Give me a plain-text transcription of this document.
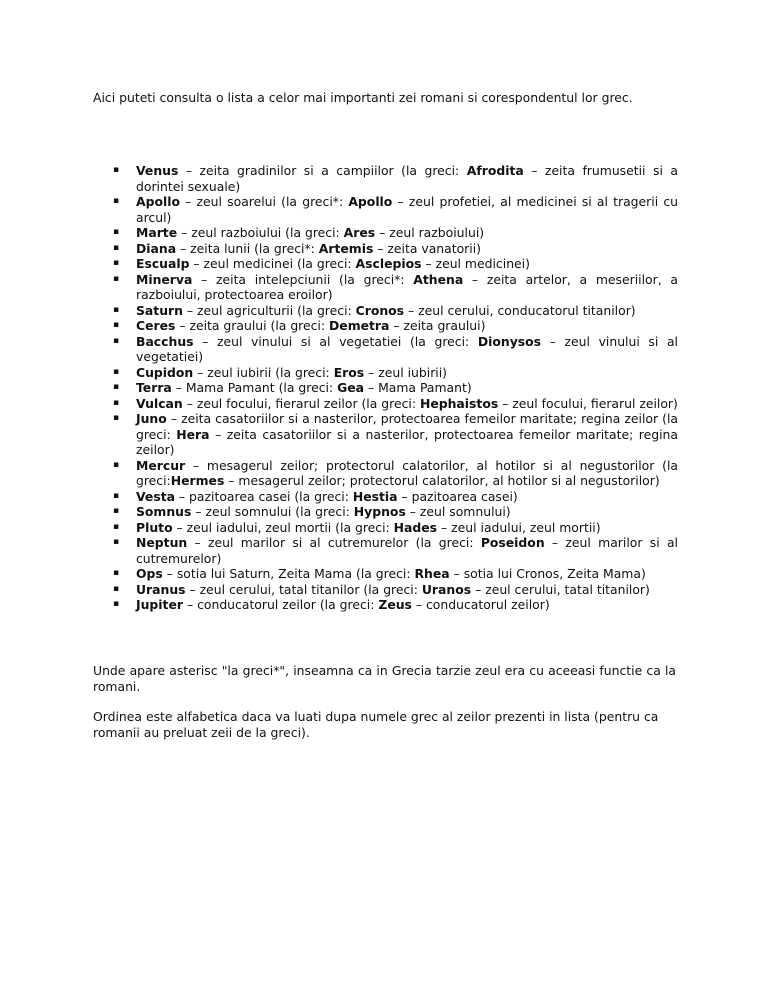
Aici puteti consulta o lista a celor mai importanti zei romani si corespondentul lor grec.

▪ Venus – zeita gradinilor si a campiilor (la greci: Afrodita – zeita frumusetii si a dorintei sexuale)
▪ Apollo – zeul soarelui (la greci*: Apollo – zeul profetiei, al medicinei si al tragerii cu arcul)
▪ Marte – zeul razboiului (la greci: Ares – zeul razboiului)
▪ Diana – zeita lunii (la greci*: Artemis – zeita vanatorii)
▪ Escualp – zeul medicinei (la greci: Asclepios – zeul medicinei)
▪ Minerva – zeita intelepciunii (la greci*: Athena – zeita artelor, a meseriilor, a razboiului, protectoarea eroilor)
▪ Saturn – zeul agriculturii (la greci: Cronos – zeul cerului, conducatorul titanilor)
▪ Ceres – zeita graului (la greci: Demetra – zeita graului)
▪ Bacchus – zeul vinului si al vegetatiei (la greci: Dionysos – zeul vinului si al vegetatiei)
▪ Cupidon – zeul iubirii (la greci: Eros – zeul iubirii)
▪ Terra – Mama Pamant (la greci: Gea – Mama Pamant)
▪ Vulcan – zeul focului, fierarul zeilor (la greci: Hephaistos – zeul focului, fierarul zeilor)
▪ Juno – zeita casatoriilor si a nasterilor, protectoarea femeilor maritate; regina zeilor (la greci: Hera – zeita casatoriilor si a nasterilor, protectoarea femeilor maritate; regina zeilor)
▪ Mercur – mesagerul zeilor; protectorul calatorilor, al hotilor si al negustorilor (la greci:Hermes – mesagerul zeilor; protectorul calatorilor, al hotilor si al negustorilor)
▪ Vesta – pazitoarea casei (la greci: Hestia – pazitoarea casei)
▪ Somnus – zeul somnului (la greci: Hypnos – zeul somnului)
▪ Pluto – zeul iadului, zeul mortii (la greci: Hades – zeul iadului, zeul mortii)
▪ Neptun – zeul marilor si al cutremurelor (la greci: Poseidon – zeul marilor si al cutremurelor)
▪ Ops – sotia lui Saturn, Zeita Mama (la greci: Rhea – sotia lui Cronos, Zeita Mama)
▪ Uranus – zeul cerului, tatal titanilor (la greci: Uranos – zeul cerului, tatal titanilor)
▪ Jupiter – conducatorul zeilor (la greci: Zeus – conducatorul zeilor)

Unde apare asterisc "la greci*", inseamna ca in Grecia tarzie zeul era cu aceeasi functie ca la romani.

Ordinea este alfabetica daca va luati dupa numele grec al zeilor prezenti in lista (pentru ca romanii au preluat zeii de la greci).
